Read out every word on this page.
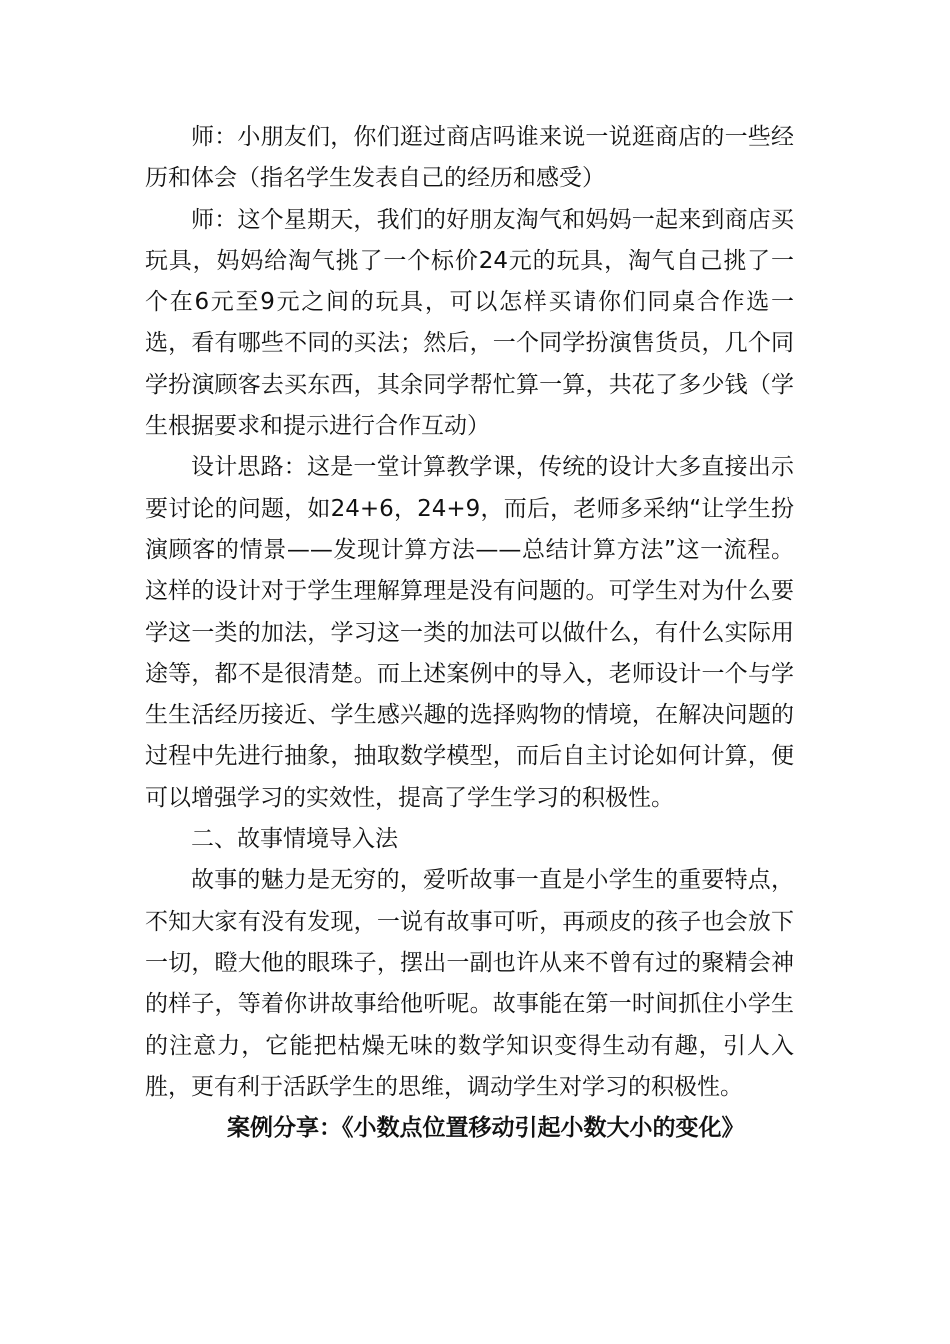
师：小朋友们，你们逛过商店吗谁来说一说逛商店的一些经历和体会（指名学生发表自己的经历和感受）

师：这个星期天，我们的好朋友淘气和妈妈一起来到商店买玩具，妈妈给淘气挑了一个标价24元的玩具，淘气自己挑了一个在6元至9元之间的玩具，可以怎样买请你们同桌合作选一选，看有哪些不同的买法；然后，一个同学扮演售货员，几个同学扮演顾客去买东西，其余同学帮忙算一算，共花了多少钱（学生根据要求和提示进行合作互动）

设计思路：这是一堂计算教学课，传统的设计大多直接出示要讨论的问题，如24+6，24+9，而后，老师多采纳“让学生扮演顾客的情景——发现计算方法——总结计算方法”这一流程。这样的设计对于学生理解算理是没有问题的。可学生对为什么要学这一类的加法，学习这一类的加法可以做什么，有什么实际用途等，都不是很清楚。而上述案例中的导入，老师设计一个与学生生活经历接近、学生感兴趣的选择购物的情境，在解决问题的过程中先进行抽象，抽取数学模型，而后自主讨论如何计算，便可以增强学习的实效性，提高了学生学习的积极性。

二、故事情境导入法

故事的魅力是无穷的，爱听故事一直是小学生的重要特点，不知大家有没有发现，一说有故事可听，再顽皮的孩子也会放下一切，瞪大他的眼珠子，摆出一副也许从来不曾有过的聚精会神的样子，等着你讲故事给他听呢。故事能在第一时间抓住小学生的注意力，它能把枯燥无味的数学知识变得生动有趣，引人入胜，更有利于活跃学生的思维，调动学生对学习的积极性。

案例分享：《小数点位置移动引起小数大小的变化》
